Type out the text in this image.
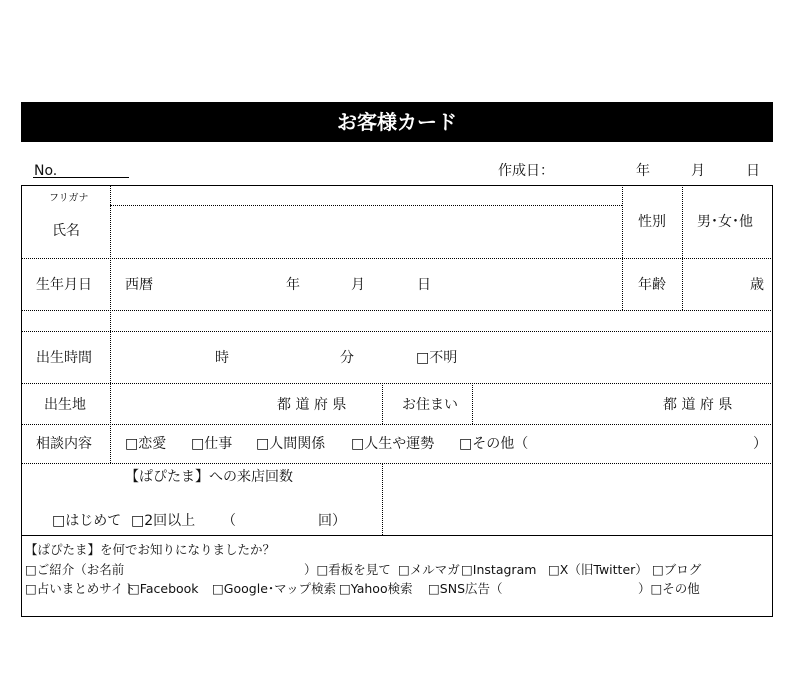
お客様カード
No.	作成日：	年	月	日
フリガナ
氏名
性別 男･女･他
生年月日 西暦	年	月	日	年齢	歳
出生時間	時	分	□不明
出生地	都 道 府 県	お住まい	都 道 府 県
相談内容 □恋愛 □仕事 □人間関係 □人生や運勢 □その他（	）
【ぱぴたま】への来店回数
□はじめて □2回以上 （	回）
【ぱぴたま】を何でお知りになりましたか？
□ご紹介（お名前	）□看板を見て □メルマガ □Instagram □X（旧Twitter） □ブログ
□占いまとめサイト
□Facebook □Google･マップ検索 □Yahoo検索 □SNS広告（	）□その他
